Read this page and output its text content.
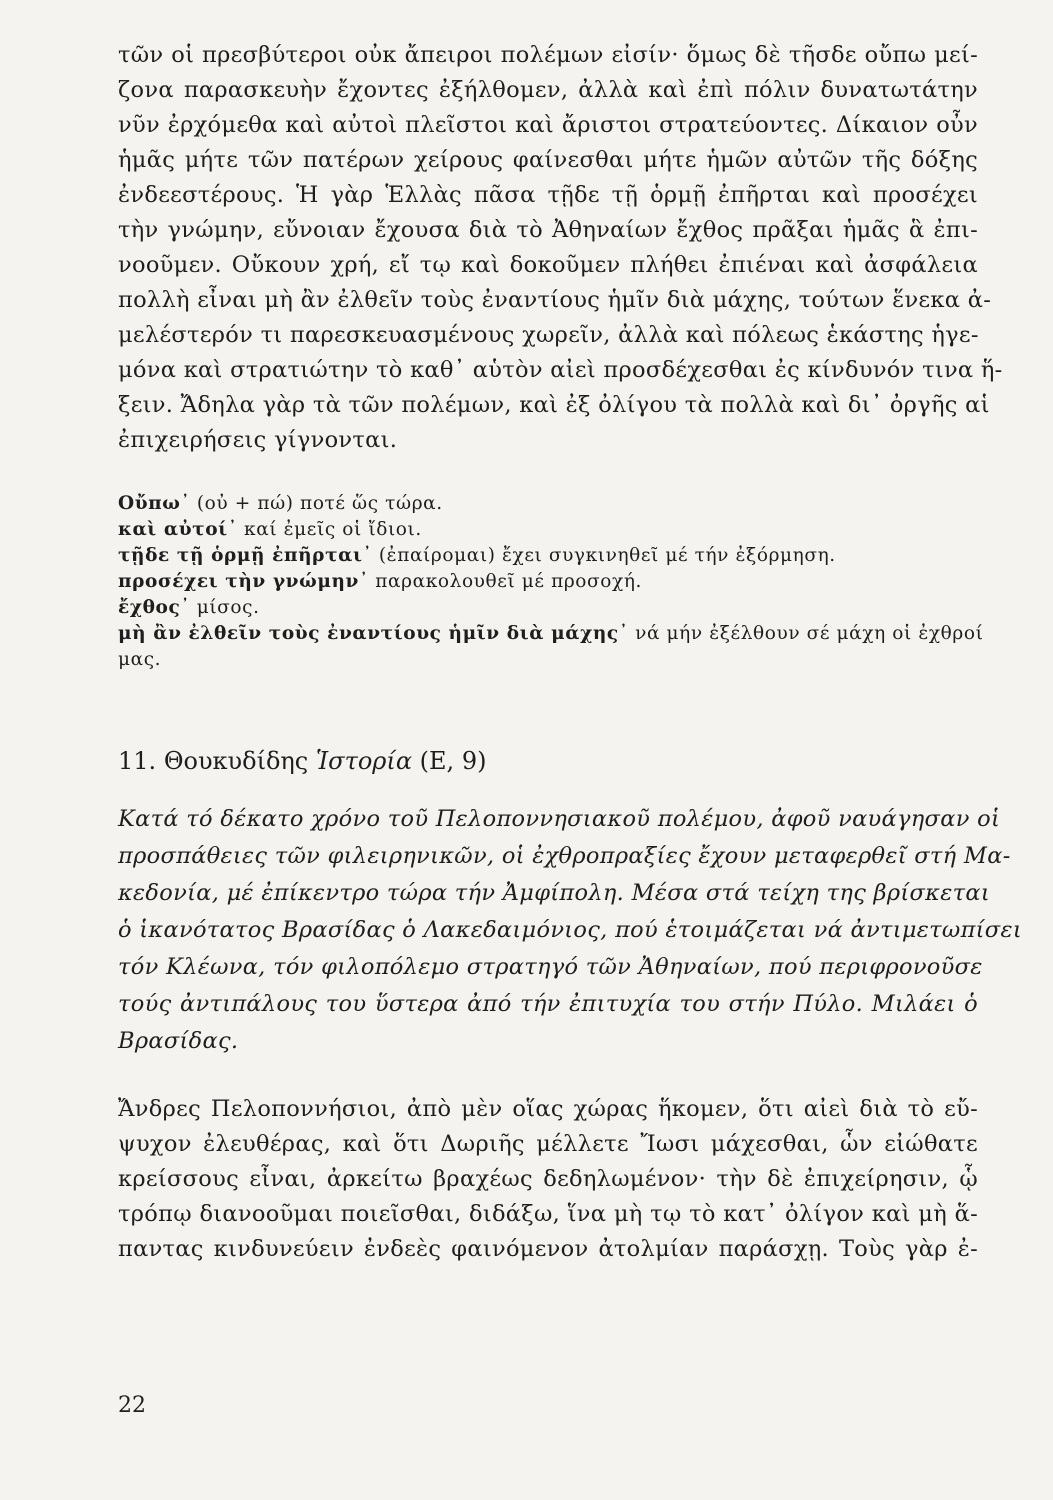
τῶν οἱ πρεσβύτεροι οὐκ ἄπειροι πολέμων εἰσίν· ὅμως δὲ τῆσδε οὔπω μεί-
ζονα παρασκευὴν ἔχοντες ἐξήλθομεν, ἀλλὰ καὶ ἐπὶ πόλιν δυνατωτάτην
νῦν ἐρχόμεθα καὶ αὐτοὶ πλεῖστοι καὶ ἄριστοι στρατεύοντες. Δίκαιον οὖν
ἡμᾶς μήτε τῶν πατέρων χείρους φαίνεσθαι μήτε ἡμῶν αὐτῶν τῆς δόξης
ἐνδεεστέρους. Ἡ γὰρ Ἑλλὰς πᾶσα τῇδε τῇ ὁρμῇ ἐπῆρται καὶ προσέχει
τὴν γνώμην, εὔνοιαν ἔχουσα διὰ τὸ Ἀθηναίων ἔχθος πρᾶξαι ἡμᾶς ἃ ἐπι-
νοοῦμεν. Οὔκουν χρή, εἴ τῳ καὶ δοκοῦμεν πλήθει ἐπιέναι καὶ ἀσφάλεια
πολλὴ εἶναι μὴ ἂν ἐλθεῖν τοὺς ἐναντίους ἡμῖν διὰ μάχης, τούτων ἕνεκα ἀ-
μελέστερόν τι παρεσκευασμένους χωρεῖν, ἀλλὰ καὶ πόλεως ἑκάστης ἡγε-
μόνα καὶ στρατιώτην τὸ καθ᾽ αὑτὸν αἰεὶ προσδέχεσθαι ἐς κίνδυνόν τινα ἥ-
ξειν. Ἄδηλα γὰρ τὰ τῶν πολέμων, καὶ ἐξ ὀλίγου τὰ πολλὰ καὶ δι᾽ ὀργῆς αἱ
ἐπιχειρήσεις γίγνονται.
Οὔπω᾽ (οὐ + πώ) ποτέ ὥς τώρα.
καὶ αὐτοί᾽ καί ἐμεῖς οἱ ἴδιοι.
τῇδε τῇ ὁρμῇ ἐπῆρται᾽ (ἐπαίρομαι) ἔχει συγκινηθεῖ μέ τήν ἐξόρμηση.
προσέχει τὴν γνώμην᾽ παρακολουθεῖ μέ προσοχή.
ἔχθος᾽ μίσος.
μὴ ἂν ἐλθεῖν τοὺς ἐναντίους ἡμῖν διὰ μάχης᾽ νά μήν ἐξέλθουν σέ μάχη οἱ ἐχθροί
μας.
11. Θουκυδίδης Ἱστορία (Ε, 9)
Κατά τό δέκατο χρόνο τοῦ Πελοποννησιακοῦ πολέμου, ἀφοῦ ναυάγησαν οἱ
προσπάθειες τῶν φιλειρηνικῶν, οἱ ἐχθροπραξίες ἔχουν μεταφερθεῖ στή Μα-
κεδονία, μέ ἐπίκεντρο τώρα τήν Ἀμφίπολη. Μέσα στά τείχη της βρίσκεται
ὁ ἱκανότατος Βρασίδας ὁ Λακεδαιμόνιος, πού ἑτοιμάζεται νά ἀντιμετωπίσει
τόν Κλέωνα, τόν φιλοπόλεμο στρατηγό τῶν Ἀθηναίων, πού περιφρονοῦσε
τούς ἀντιπάλους του ὕστερα ἀπό τήν ἐπιτυχία του στήν Πύλο. Μιλάει ὁ
Βρασίδας.
Ἄνδρες Πελοποννήσιοι, ἀπὸ μὲν οἵας χώρας ἥκομεν, ὅτι αἰεὶ διὰ τὸ εὔ-
ψυχον ἐλευθέρας, καὶ ὅτι Δωριῆς μέλλετε Ἴωσι μάχεσθαι, ὧν εἰώθατε
κρείσσους εἶναι, ἀρκείτω βραχέως δεδηλωμένον· τὴν δὲ ἐπιχείρησιν, ᾧ
τρόπῳ διανοοῦμαι ποιεῖσθαι, διδάξω, ἵνα μὴ τῳ τὸ κατ᾽ ὀλίγον καὶ μὴ ἅ-
παντας κινδυνεύειν ἐνδεὲς φαινόμενον ἀτολμίαν παράσχῃ. Τοὺς γὰρ ἐ-
22
